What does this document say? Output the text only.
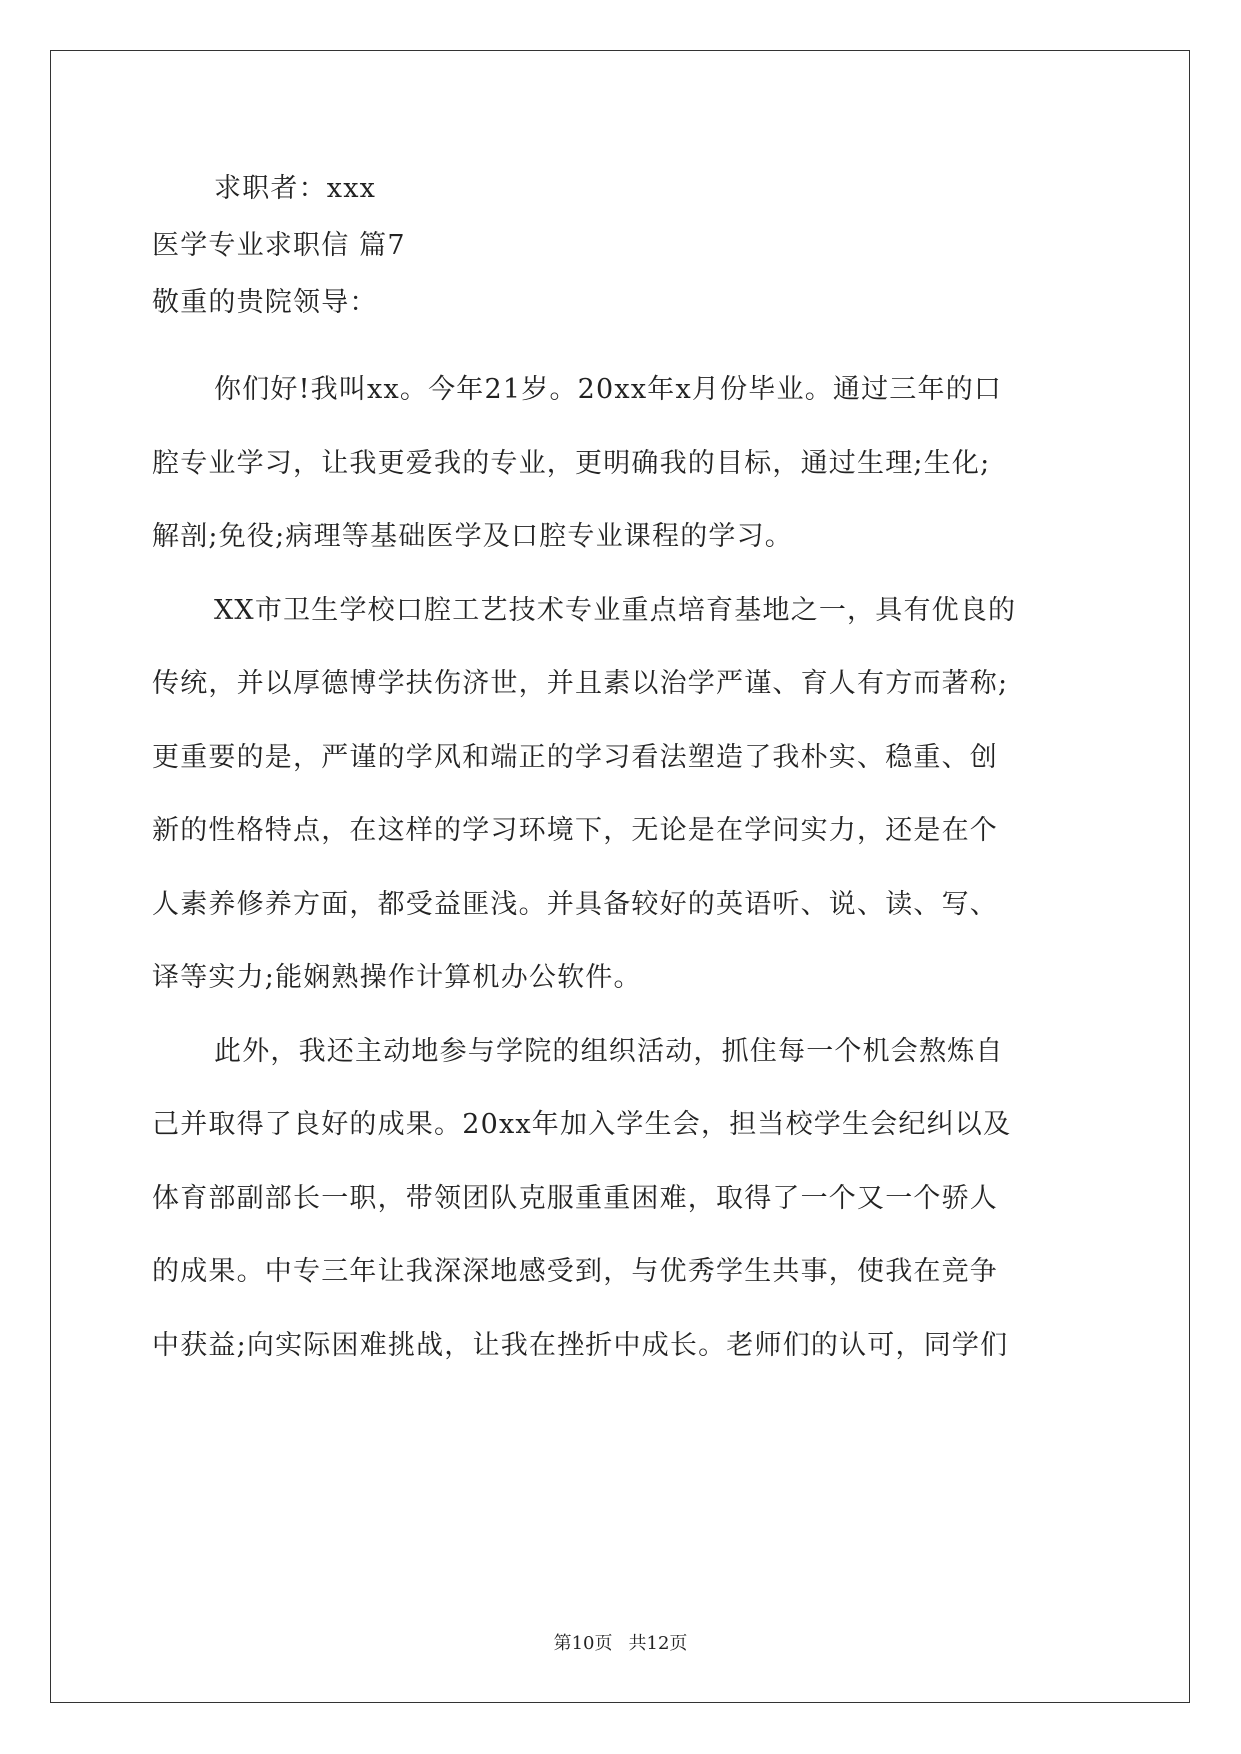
求职者：xxx
医学专业求职信 篇7
敬重的贵院领导：
你们好!我叫xx。今年21岁。20xx年x月份毕业。通过三年的口
腔专业学习，让我更爱我的专业，更明确我的目标，通过生理;生化;
解剖;免役;病理等基础医学及口腔专业课程的学习。
XX市卫生学校口腔工艺技术专业重点培育基地之一，具有优良的
传统，并以厚德博学扶伤济世，并且素以治学严谨、育人有方而著称;
更重要的是，严谨的学风和端正的学习看法塑造了我朴实、稳重、创
新的性格特点，在这样的学习环境下，无论是在学问实力，还是在个
人素养修养方面，都受益匪浅。并具备较好的英语听、说、读、写、
译等实力;能娴熟操作计算机办公软件。
此外，我还主动地参与学院的组织活动，抓住每一个机会熬炼自
己并取得了良好的成果。20xx年加入学生会，担当校学生会纪纠以及
体育部副部长一职，带领团队克服重重困难，取得了一个又一个骄人
的成果。中专三年让我深深地感受到，与优秀学生共事，使我在竞争
中获益;向实际困难挑战，让我在挫折中成长。老师们的认可，同学们
第10页 共12页
